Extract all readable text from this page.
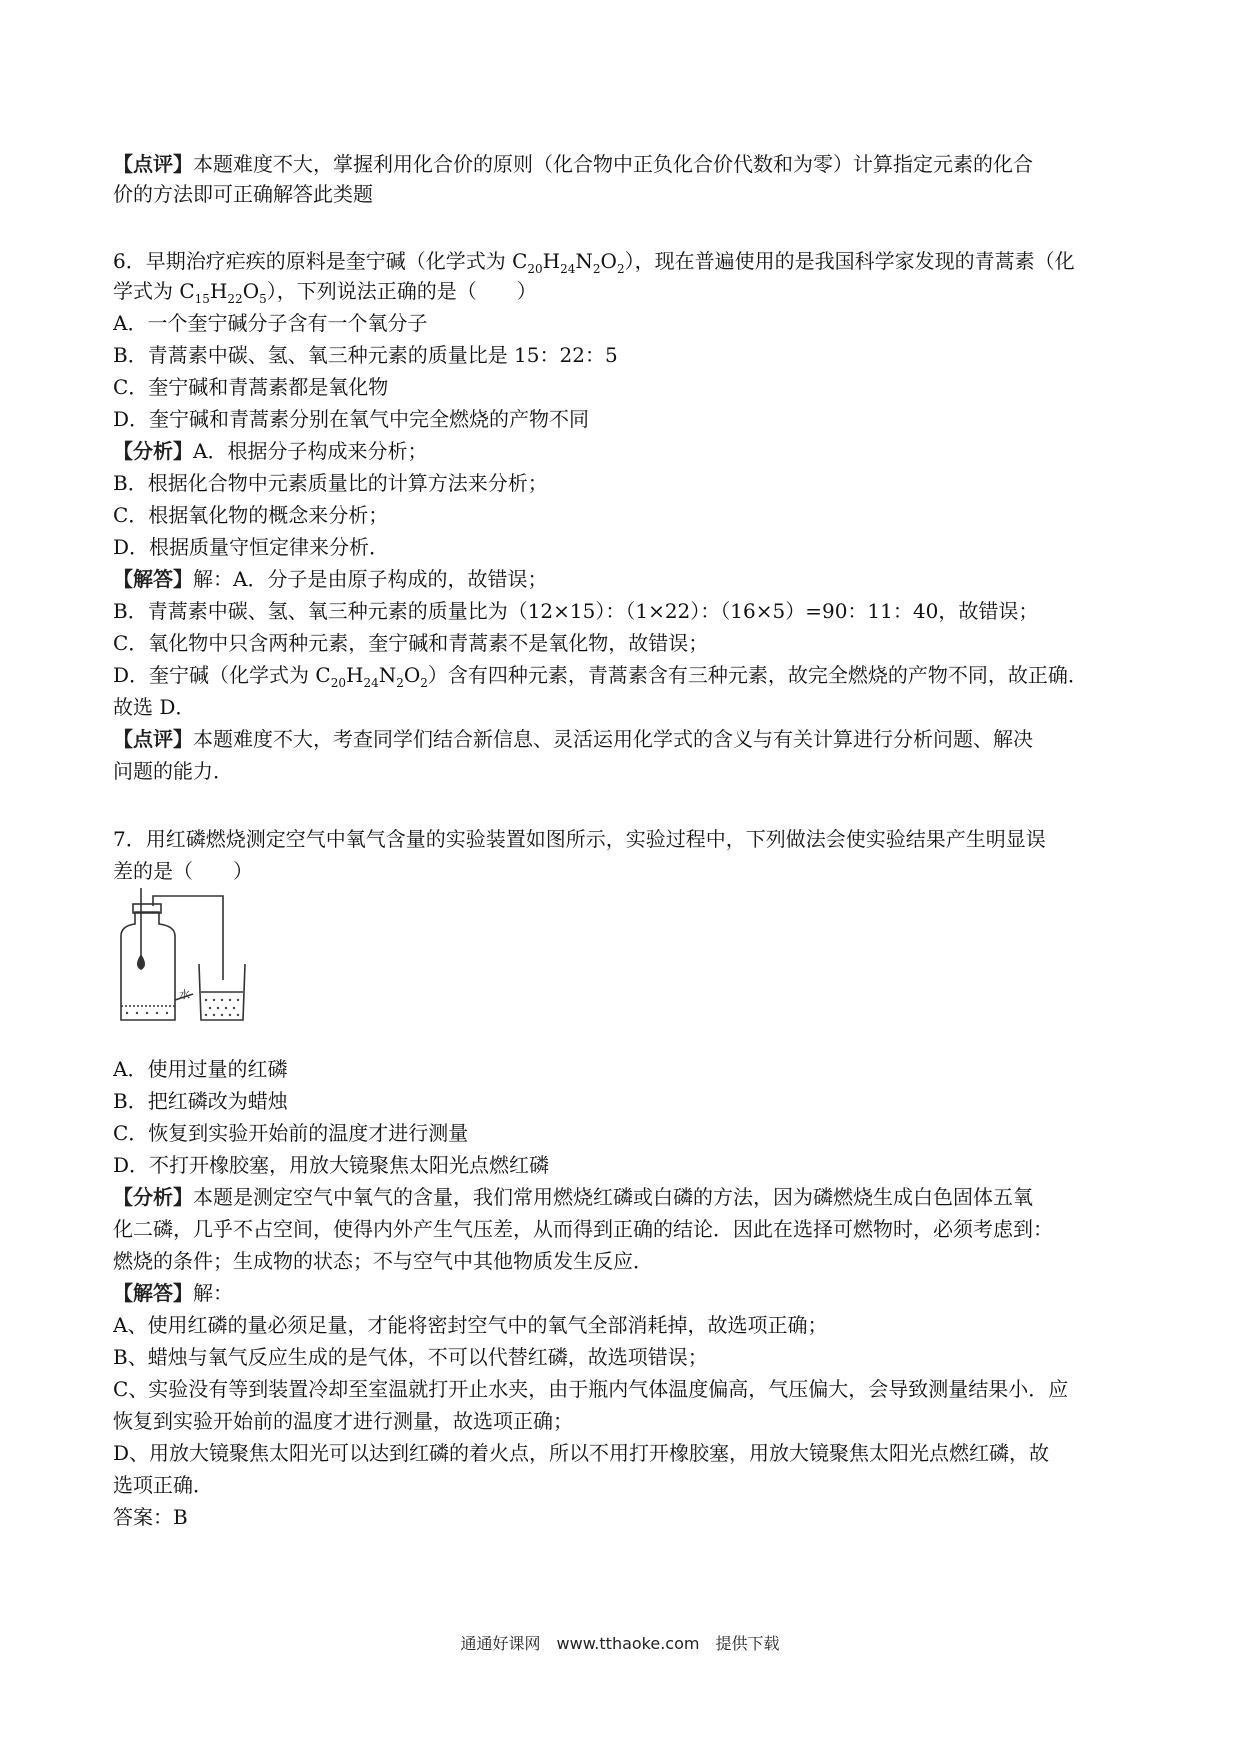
【点评】本题难度不大，掌握利用化合价的原则（化合物中正负化合价代数和为零）计算指定元素的化合
价的方法即可正确解答此类题
6．早期治疗疟疾的原料是奎宁碱（化学式为 $C_{20}H_{24}N_2O_2$），现在普遍使用的是我国科学家发现的青蒿素（化
学式为 $C_{15}H_{22}O_5$），下列说法正确的是（　　）
A．一个奎宁碱分子含有一个氧分子
B．青蒿素中碳、氢、氧三种元素的质量比是 15：22：5
C．奎宁碱和青蒿素都是氧化物
D．奎宁碱和青蒿素分别在氧气中完全燃烧的产物不同
【分析】A．根据分子构成来分析；
B．根据化合物中元素质量比的计算方法来分析；
C．根据氧化物的概念来分析；
D．根据质量守恒定律来分析．
【解答】解：A．分子是由原子构成的，故错误；
B．青蒿素中碳、氢、氧三种元素的质量比为（12×15）：（1×22）：（16×5）=90：11：40，故错误；
C．氧化物中只含两种元素，奎宁碱和青蒿素不是氧化物，故错误；
D．奎宁碱（化学式为 $C_{20}H_{24}N_2O_2$）含有四种元素，青蒿素含有三种元素，故完全燃烧的产物不同，故正确．
故选 D．
【点评】本题难度不大，考查同学们结合新信息、灵活运用化学式的含义与有关计算进行分析问题、解决
问题的能力．
7．用红磷燃烧测定空气中氧气含量的实验装置如图所示，实验过程中，下列做法会使实验结果产生明显误
差的是（　　）
水
A．使用过量的红磷
B．把红磷改为蜡烛
C．恢复到实验开始前的温度才进行测量
D．不打开橡胶塞，用放大镜聚焦太阳光点燃红磷
【分析】本题是测定空气中氧气的含量，我们常用燃烧红磷或白磷的方法，因为磷燃烧生成白色固体五氧
化二磷，几乎不占空间，使得内外产生气压差，从而得到正确的结论．因此在选择可燃物时，必须考虑到：
燃烧的条件；生成物的状态；不与空气中其他物质发生反应．
【解答】解：
A、使用红磷的量必须足量，才能将密封空气中的氧气全部消耗掉，故选项正确；
B、蜡烛与氧气反应生成的是气体，不可以代替红磷，故选项错误；
C、实验没有等到装置冷却至室温就打开止水夹，由于瓶内气体温度偏高，气压偏大，会导致测量结果小．应
恢复到实验开始前的温度才进行测量，故选项正确；
D、用放大镜聚焦太阳光可以达到红磷的着火点，所以不用打开橡胶塞，用放大镜聚焦太阳光点燃红磷，故
选项正确．
答案：B
通通好课网　www.tthaoke.com　提供下载
